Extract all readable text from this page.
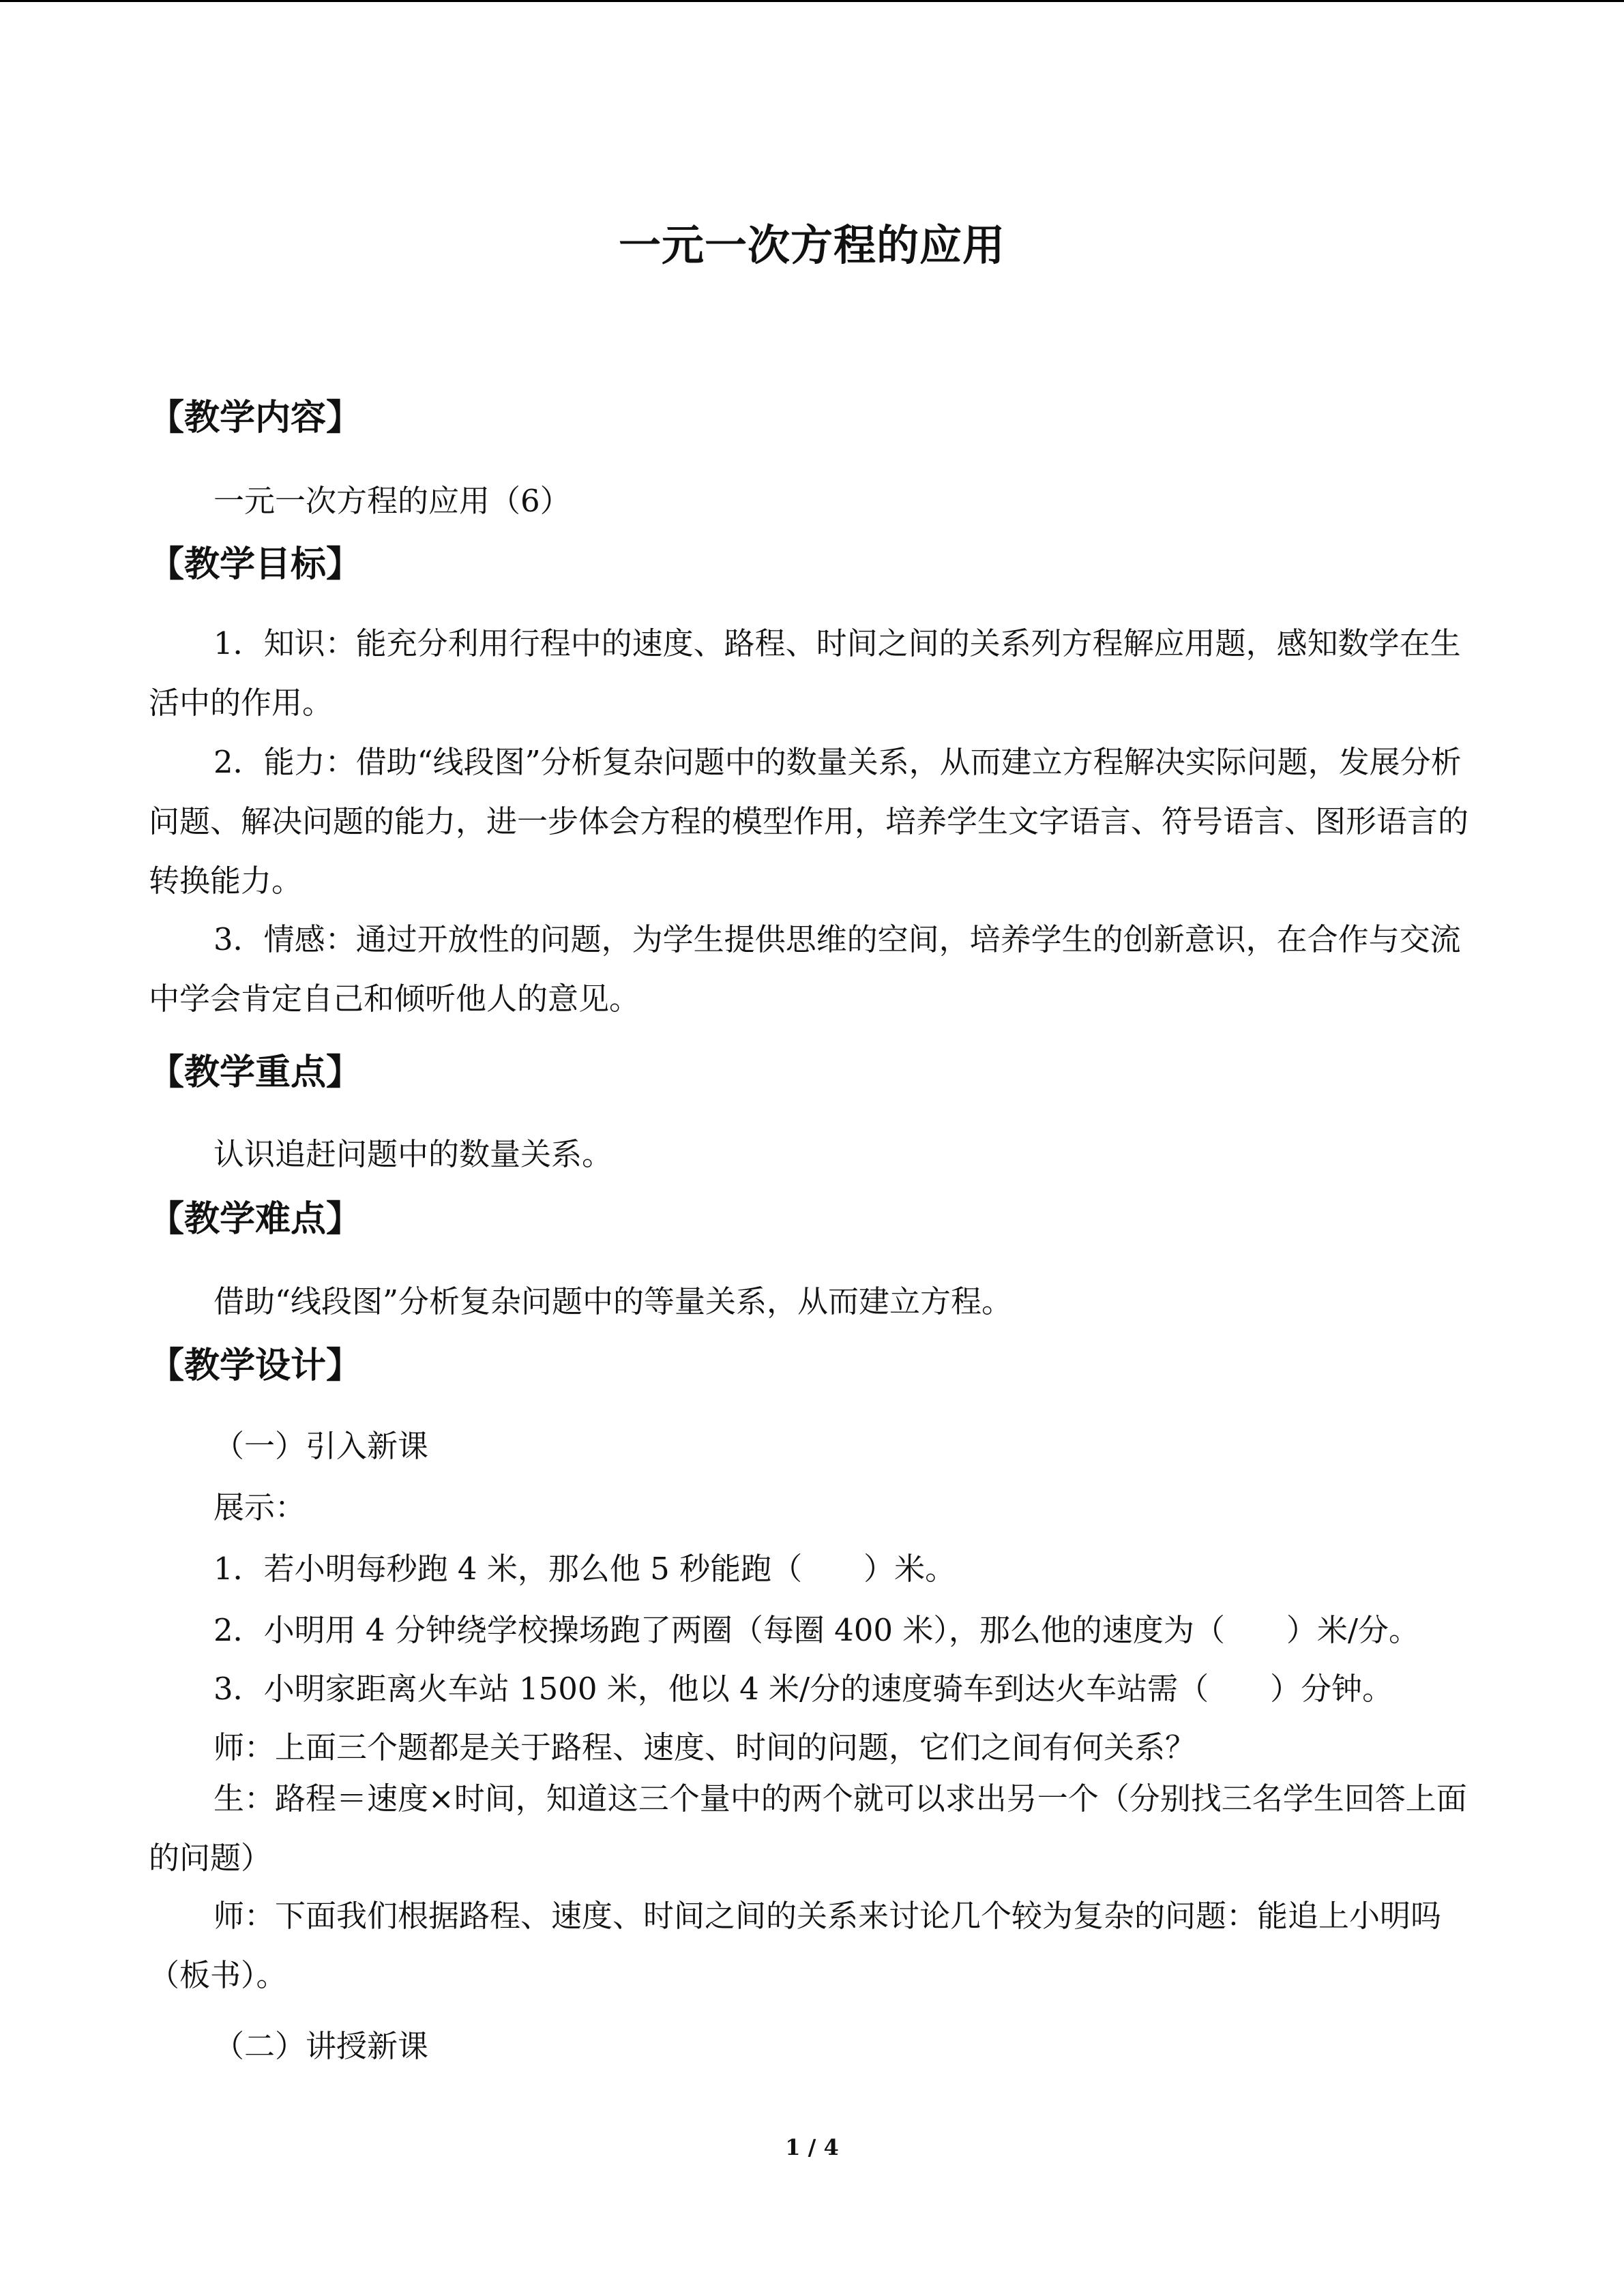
一元一次方程的应用
【教学内容】
一元一次方程的应用（6）
【教学目标】
1．知识：能充分利用行程中的速度、路程、时间之间的关系列方程解应用题，感知数学在生活中的作用。
2．能力：借助“线段图”分析复杂问题中的数量关系，从而建立方程解决实际问题，发展分析问题、解决问题的能力，进一步体会方程的模型作用，培养学生文字语言、符号语言、图形语言的转换能力。
3．情感：通过开放性的问题，为学生提供思维的空间，培养学生的创新意识，在合作与交流中学会肯定自己和倾听他人的意见。
【教学重点】
认识追赶问题中的数量关系。
【教学难点】
借助“线段图”分析复杂问题中的等量关系，从而建立方程。
【教学设计】
（一）引入新课
展示：
1．若小明每秒跑 4 米，那么他 5 秒能跑（　　）米。
2．小明用 4 分钟绕学校操场跑了两圈（每圈 400 米），那么他的速度为（　　）米/分。
3．小明家距离火车站 1500 米，他以 4 米/分的速度骑车到达火车站需（　　）分钟。
师：上面三个题都是关于路程、速度、时间的问题，它们之间有何关系？
生：路程＝速度×时间，知道这三个量中的两个就可以求出另一个（分别找三名学生回答上面的问题）
师：下面我们根据路程、速度、时间之间的关系来讨论几个较为复杂的问题：能追上小明吗（板书）。
（二）讲授新课
1 / 4
